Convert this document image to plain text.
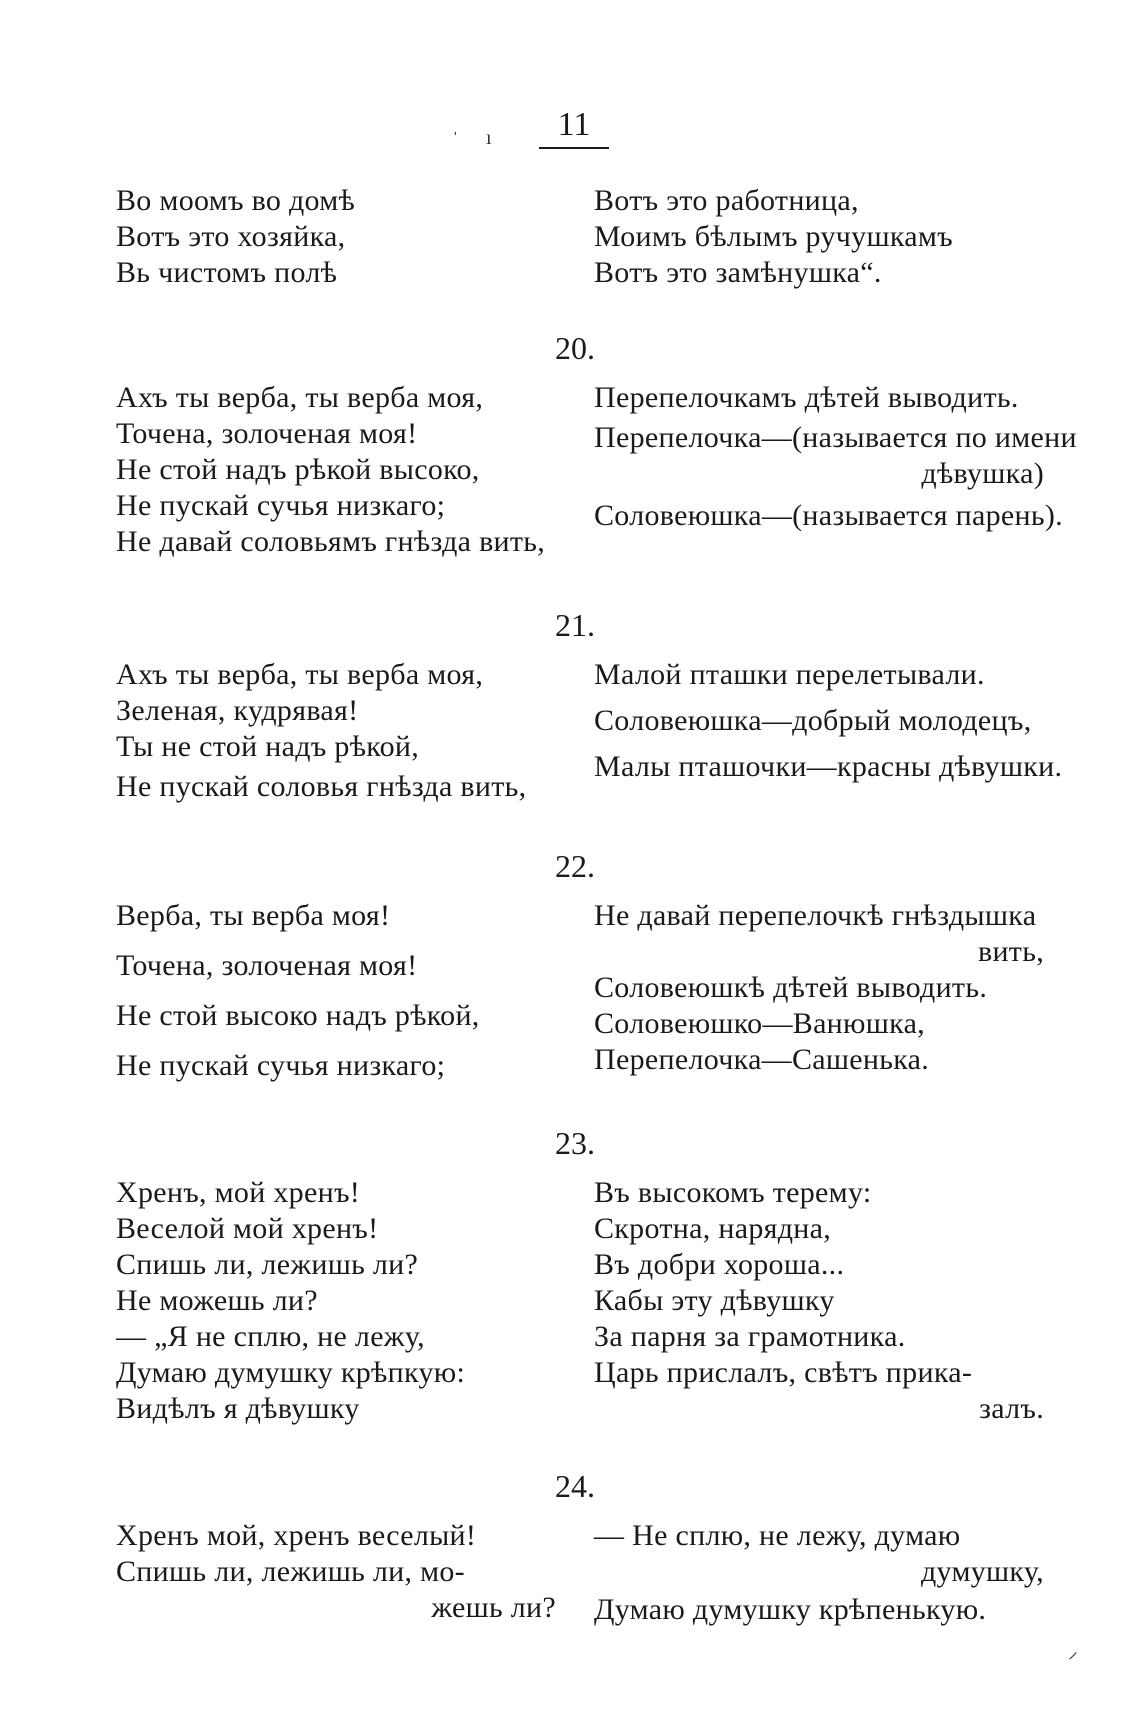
11
ˈ ı
⸝
Во моомъ во домѣ
Вотъ это хозяйка,
Вь чистомъ полѣ
Вотъ это работница,
Моимъ бѣлымъ ручушкамъ
Вотъ это замѣнушка“.
20.
Ахъ ты верба, ты верба моя,
Точена, золоченая моя!
Не стой надъ рѣкой высоко,
Не пускай сучья низкаго;
Не давай соловьямъ гнѣзда вить,
Перепелочкамъ дѣтей выводить.
Перепелочка—(называется по имени
дѣвушка)
Соловеюшка—(называется парень).
21.
Ахъ ты верба, ты верба моя,
Зеленая, кудрявая!
Ты не стой надъ рѣкой,
Не пускай соловья гнѣзда вить,
Малой пташки перелетывали.
Соловеюшка—добрый молодецъ,
Малы пташочки—красны дѣвушки.
22.
Верба, ты верба моя!
Точена, золоченая моя!
Не стой высоко надъ рѣкой,
Не пускай сучья низкаго;
Не давай перепелочкѣ гнѣздышка
вить,
Соловеюшкѣ дѣтей выводить.
Соловеюшко—Ванюшка,
Перепелочка—Сашенька.
23.
Хренъ, мой хренъ!
Веселой мой хренъ!
Спишь ли, лежишь ли?
Не можешь ли?
— „Я не сплю, не лежу,
Думаю думушку крѣпкую:
Видѣлъ я дѣвушку
Въ высокомъ терему:
Скротна, нарядна,
Въ добри хороша...
Кабы эту дѣвушку
За парня за грамотника.
Царь прислалъ, свѣтъ прика-
залъ.
24.
Хренъ мой, хренъ веселый!
Спишь ли, лежишь ли, мо-
жешь ли?
— Не сплю, не лежу, думаю
думушку,
Думаю думушку крѣпенькую.
